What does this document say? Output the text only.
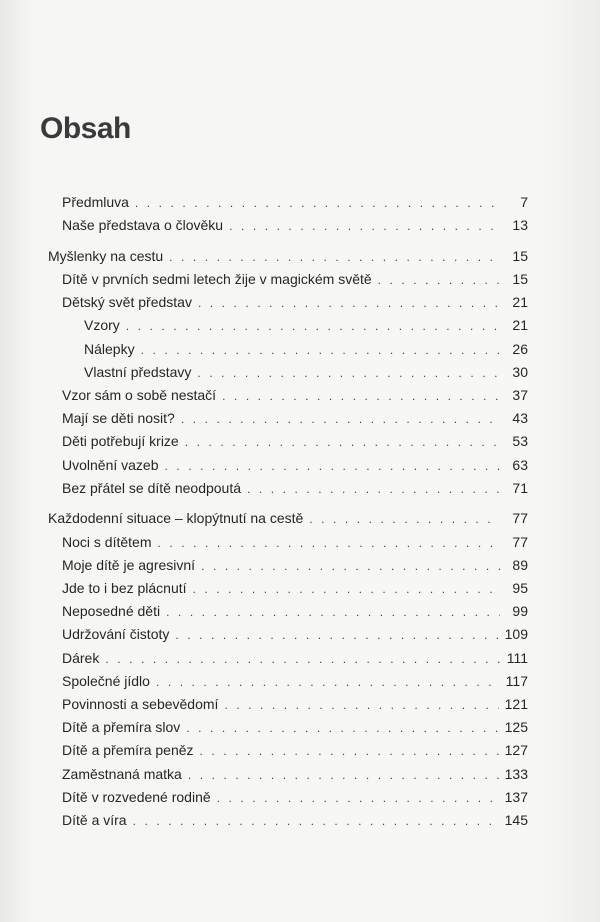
Obsah
Předmluva . . .	7
Naše představa o člověku . . .	13
Myšlenky na cestu . . .	15
Dítě v prvních sedmi letech žije v magickém světě . . .	15
Dětský svět představ . . .	21
Vzory . . .	21
Nálepky . . .	26
Vlastní představy . . .	30
Vzor sám o sobě nestačí . . .	37
Mají se děti nosit? . . .	43
Děti potřebují krize . . .	53
Uvolnění vazeb . . .	63
Bez přátel se dítě neodpoutá . . .	71
Každodenní situace – klopýtnutí na cestě . . .	77
Noci s dítětem . . .	77
Moje dítě je agresivní . . .	89
Jde to i bez plácnutí . . .	95
Neposedné děti . . .	99
Udržování čistoty . . .	109
Dárek . . .	111
Společné jídlo . . .	117
Povinnosti a sebevědomí . . .	121
Dítě a přemíra slov . . .	125
Dítě a přemíra peněz . . .	127
Zaměstnaná matka . . .	133
Dítě v rozvedené rodině . . .	137
Dítě a víra . . .	145
